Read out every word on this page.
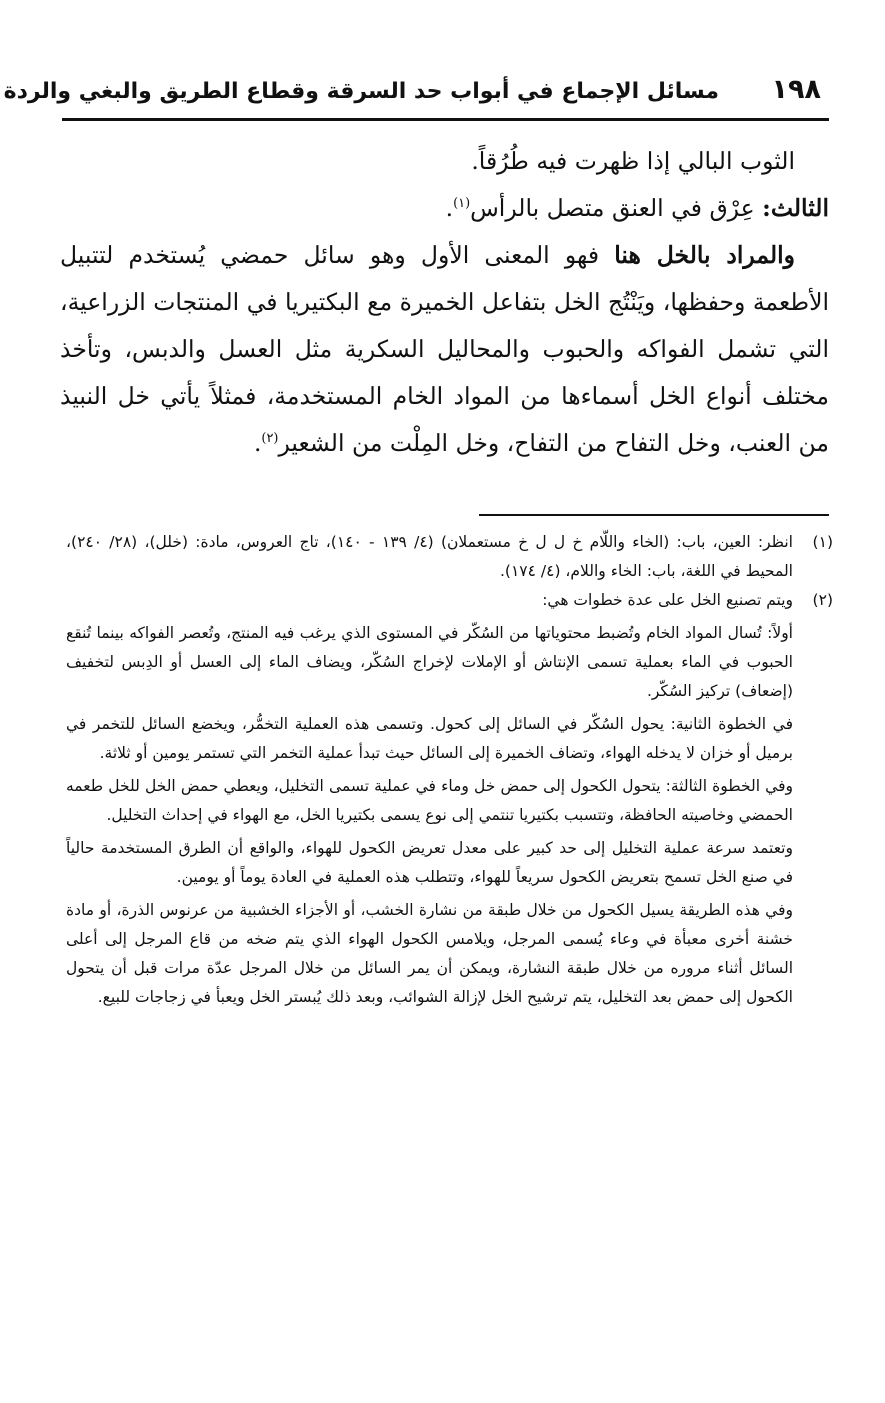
١٩٨
مسائل الإجماع في أبواب حد السرقة وقطاع الطريق والبغي والردة

الثوب البالي إذا ظهرت فيه طُرُقاً.

الثالث: عِرْق في العنق متصل بالرأس$^{(١)}$.

والمراد بالخل هنا فهو المعنى الأول وهو سائل حمضي يُستخدم لتتبيل الأطعمة وحفظها، ويَنْتُج الخل بتفاعل الخميرة مع البكتيريا في المنتجات الزراعية، التي تشمل الفواكه والحبوب والمحاليل السكرية مثل العسل والدبس، وتأخذ مختلف أنواع الخل أسماءها من المواد الخام المستخدمة، فمثلاً يأتي خل النبيذ من العنب، وخل التفاح من التفاح، وخل المِلْت من الشعير$^{(٢)}$.

(١)

انظر: العين، باب: (الخاء واللّام خ ل ل خ مستعملان) (٤/ ١٣٩ - ١٤٠)، تاج العروس، مادة: (خلل)، (٢٨/ ٢٤٠)، المحيط في اللغة، باب: الخاء واللام، (٤/ ١٧٤).

(٢)

ويتم تصنيع الخل على عدة خطوات هي:

أولاً: تُسال المواد الخام وتُضبط محتوياتها من السُكّر في المستوى الذي يرغب فيه المنتج، وتُعصر الفواكه بينما تُنقع الحبوب في الماء بعملية تسمى الإنتاش أو الإملات لإخراج السُكّر، ويضاف الماء إلى العسل أو الدِبس لتخفيف (إضعاف) تركيز السُكّر.

في الخطوة الثانية: يحول السُكّر في السائل إلى كحول. وتسمى هذه العملية التخمُّر، ويخضع السائل للتخمر في برميل أو خزان لا يدخله الهواء، وتضاف الخميرة إلى السائل حيث تبدأ عملية التخمر التي تستمر يومين أو ثلاثة.

وفي الخطوة الثالثة: يتحول الكحول إلى حمض خل وماء في عملية تسمى التخليل، ويعطي حمض الخل للخل طعمه الحمضي وخاصيته الحافظة، وتتسبب بكتيريا تنتمي إلى نوع يسمى بكتيريا الخل، مع الهواء في إحداث التخليل.

وتعتمد سرعة عملية التخليل إلى حد كبير على معدل تعريض الكحول للهواء، والواقع أن الطرق المستخدمة حالياً في صنع الخل تسمح بتعريض الكحول سريعاً للهواء، وتتطلب هذه العملية في العادة يوماً أو يومين.

وفي هذه الطريقة يسيل الكحول من خلال طبقة من نشارة الخشب، أو الأجزاء الخشبية من عرنوس الذرة، أو مادة خشنة أخرى معبأة في وعاء يُسمى المرجل، ويلامس الكحول الهواء الذي يتم ضخه من قاع المرجل إلى أعلى السائل أثناء مروره من خلال طبقة النشارة، ويمكن أن يمر السائل من خلال المرجل عدّة مرات قبل أن يتحول الكحول إلى حمض بعد التخليل، يتم ترشيح الخل لإزالة الشوائب، وبعد ذلك يُبستر الخل ويعبأ في زجاجات للبيع.
